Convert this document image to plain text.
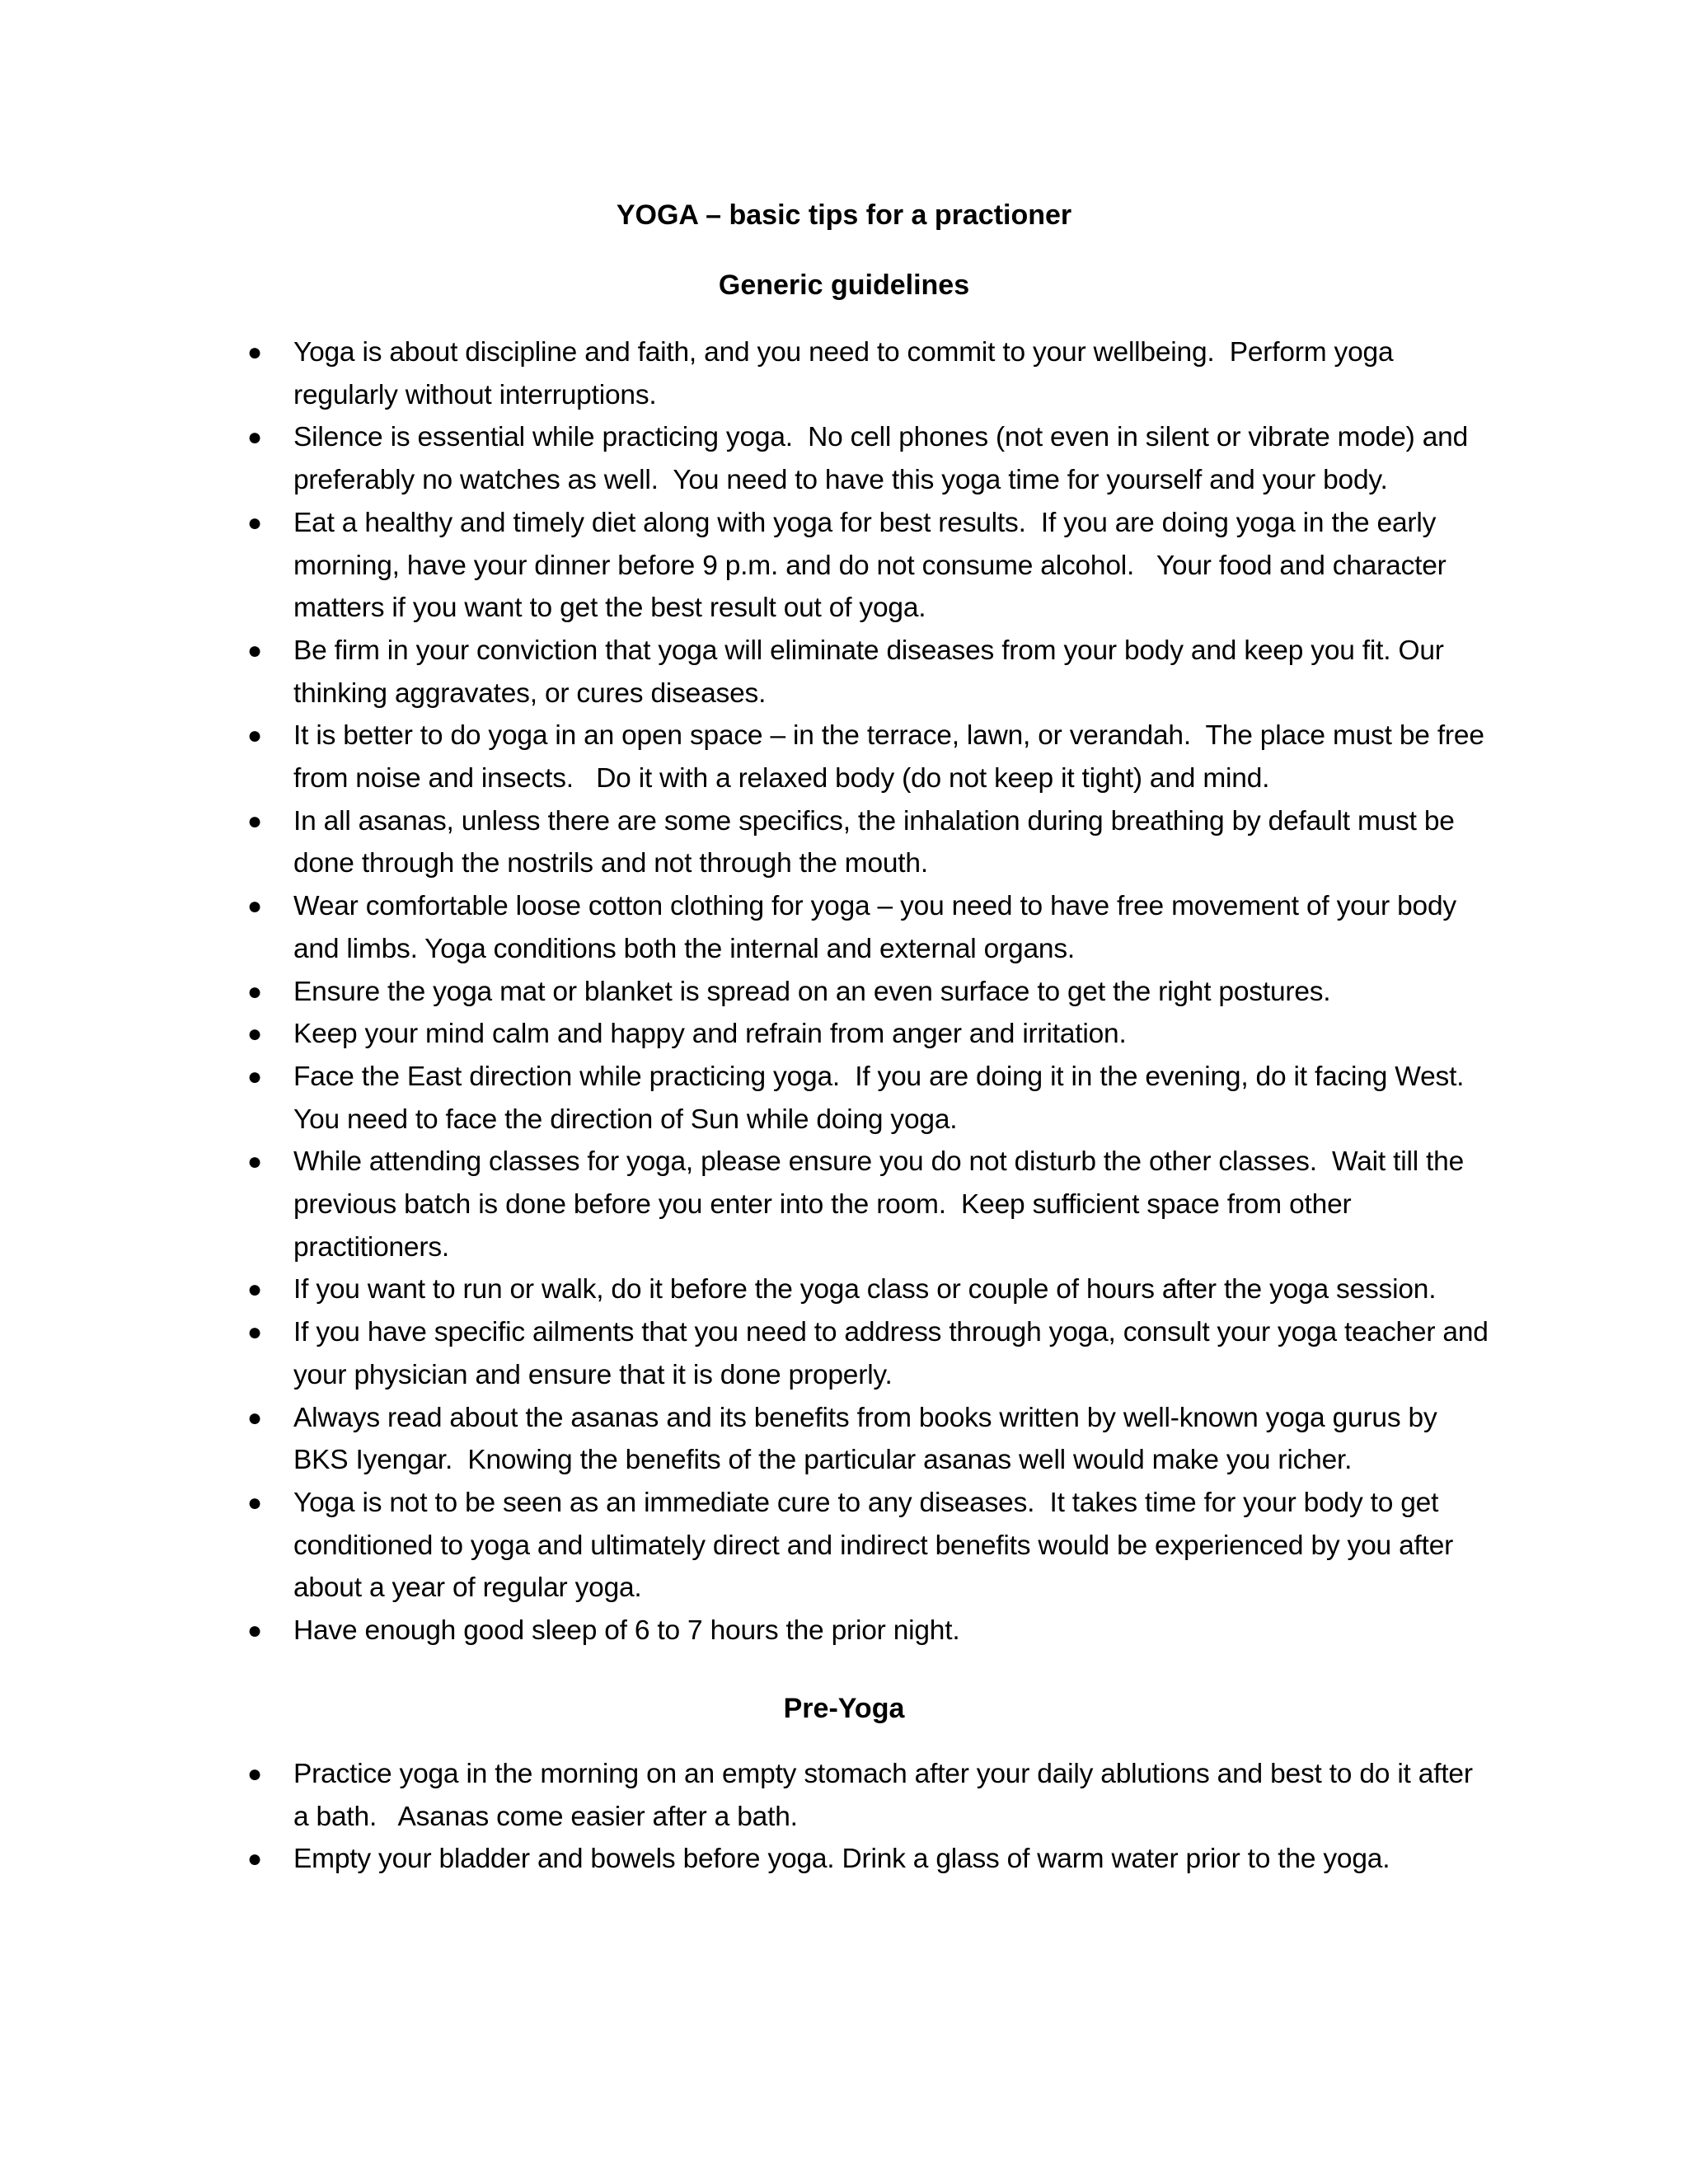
YOGA – basic tips for a practioner
Generic guidelines
● Yoga is about discipline and faith, and you need to commit to your wellbeing.  Perform yoga regularly without interruptions.
● Silence is essential while practicing yoga.  No cell phones (not even in silent or vibrate mode) and preferably no watches as well.  You need to have this yoga time for yourself and your body.
● Eat a healthy and timely diet along with yoga for best results.  If you are doing yoga in the early morning, have your dinner before 9 p.m. and do not consume alcohol.   Your food and character matters if you want to get the best result out of yoga.
● Be firm in your conviction that yoga will eliminate diseases from your body and keep you fit. Our thinking aggravates, or cures diseases.
● It is better to do yoga in an open space – in the terrace, lawn, or verandah.  The place must be free from noise and insects.   Do it with a relaxed body (do not keep it tight) and mind.
● In all asanas, unless there are some specifics, the inhalation during breathing by default must be done through the nostrils and not through the mouth.
● Wear comfortable loose cotton clothing for yoga – you need to have free movement of your body and limbs. Yoga conditions both the internal and external organs.
● Ensure the yoga mat or blanket is spread on an even surface to get the right postures.
● Keep your mind calm and happy and refrain from anger and irritation.
● Face the East direction while practicing yoga.  If you are doing it in the evening, do it facing West.  You need to face the direction of Sun while doing yoga.
● While attending classes for yoga, please ensure you do not disturb the other classes.  Wait till the previous batch is done before you enter into the room.  Keep sufficient space from other practitioners.
● If you want to run or walk, do it before the yoga class or couple of hours after the yoga session.
● If you have specific ailments that you need to address through yoga, consult your yoga teacher and your physician and ensure that it is done properly.
● Always read about the asanas and its benefits from books written by well-known yoga gurus by BKS Iyengar.  Knowing the benefits of the particular asanas well would make you richer.
● Yoga is not to be seen as an immediate cure to any diseases.  It takes time for your body to get conditioned to yoga and ultimately direct and indirect benefits would be experienced by you after about a year of regular yoga.
● Have enough good sleep of 6 to 7 hours the prior night.
Pre-Yoga
● Practice yoga in the morning on an empty stomach after your daily ablutions and best to do it after a bath.   Asanas come easier after a bath.
● Empty your bladder and bowels before yoga. Drink a glass of warm water prior to the yoga.
